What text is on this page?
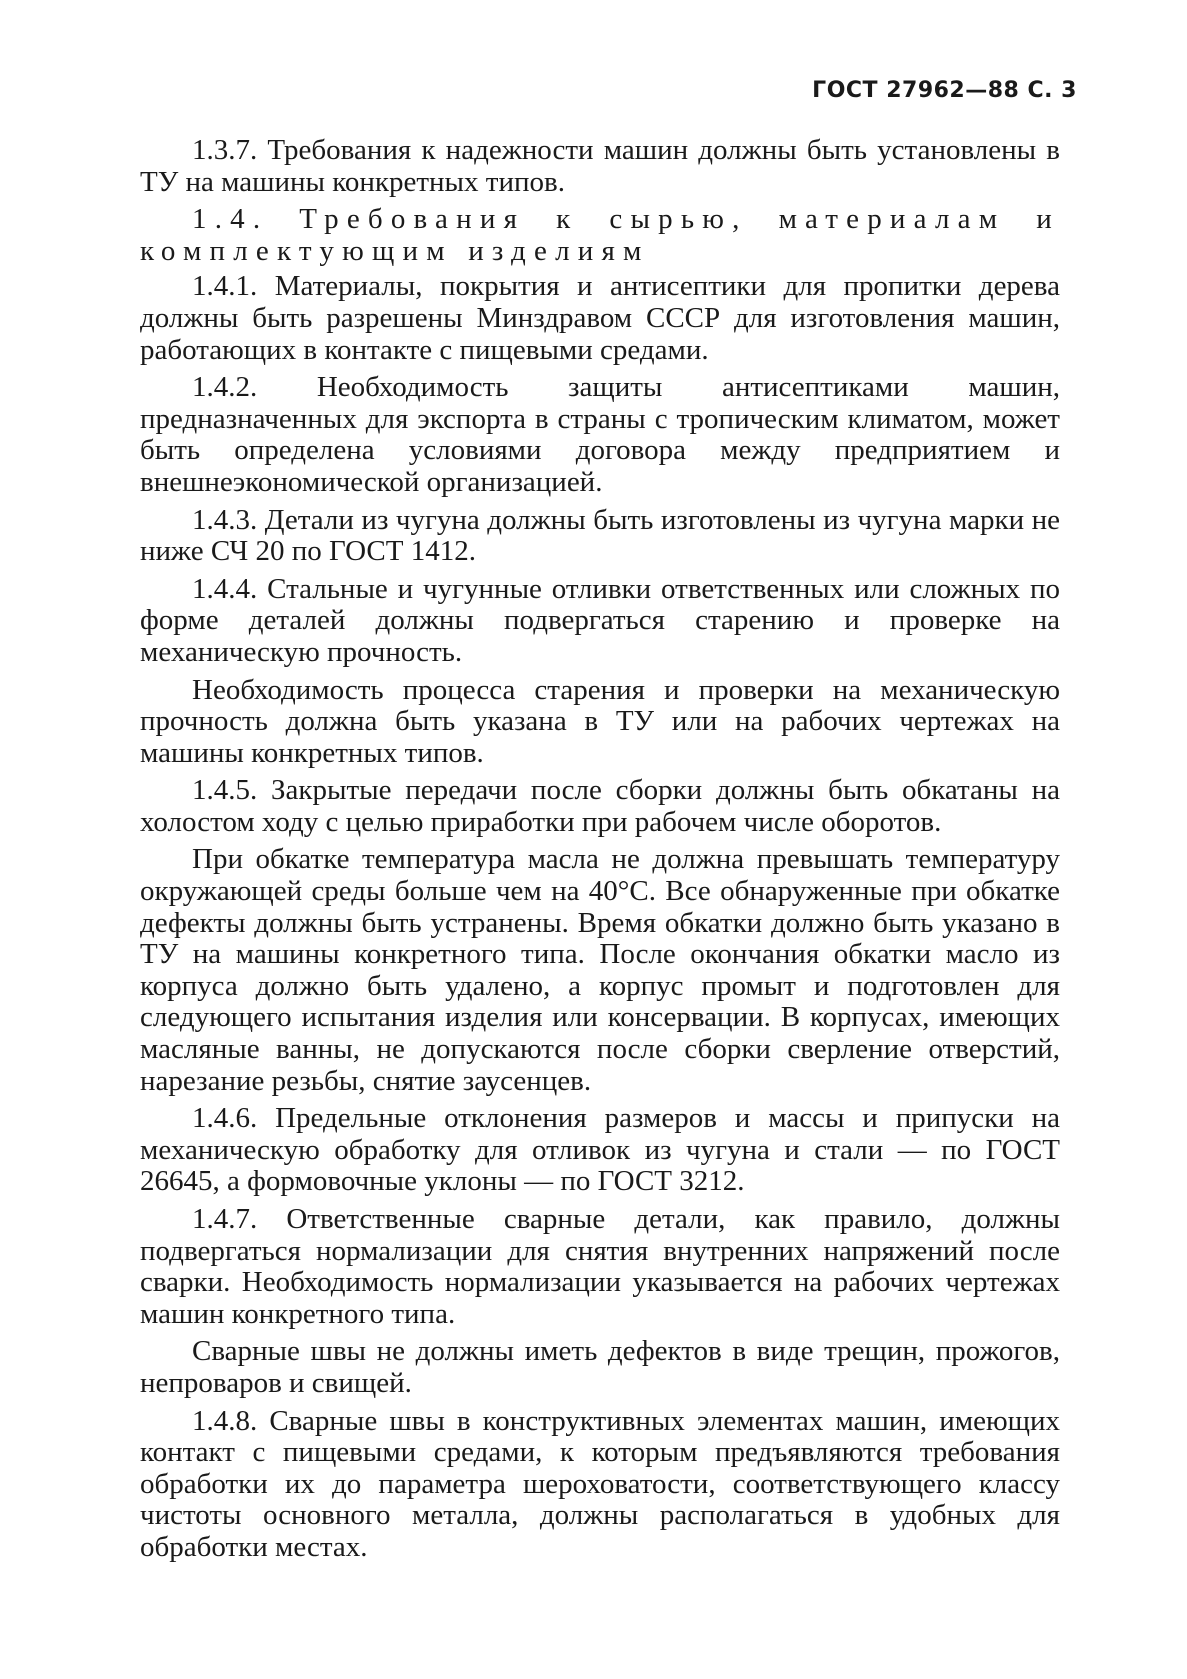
ГОСТ 27962—88 С. 3

1.3.7. Требования к надежности машин должны быть установлены в ТУ на машины конкретных типов.

1.4. Требования к сырью, материалам и комплектующим изделиям

1.4.1. Материалы, покрытия и антисептики для пропитки дерева должны быть разрешены Минздравом СССР для изготовления машин, работающих в контакте с пищевыми средами.

1.4.2. Необходимость защиты антисептиками машин, предназначенных для экспорта в страны с тропическим климатом, может быть определена условиями договора между предприятием и внешнеэкономической организацией.

1.4.3. Детали из чугуна должны быть изготовлены из чугуна марки не ниже СЧ 20 по ГОСТ 1412.

1.4.4. Стальные и чугунные отливки ответственных или сложных по форме деталей должны подвергаться старению и проверке на механическую прочность.

Необходимость процесса старения и проверки на механическую прочность должна быть указана в ТУ или на рабочих чертежах на машины конкретных типов.

1.4.5. Закрытые передачи после сборки должны быть обкатаны на холостом ходу с целью приработки при рабочем числе оборотов.

При обкатке температура масла не должна превышать температуру окружающей среды больше чем на 40°С. Все обнаруженные при обкатке дефекты должны быть устранены. Время обкатки должно быть указано в ТУ на машины конкретного типа. После окончания обкатки масло из корпуса должно быть удалено, а корпус промыт и подготовлен для следующего испытания изделия или консервации. В корпусах, имеющих масляные ванны, не допускаются после сборки сверление отверстий, нарезание резьбы, снятие заусенцев.

1.4.6. Предельные отклонения размеров и массы и припуски на механическую обработку для отливок из чугуна и стали — по ГОСТ 26645, а формовочные уклоны — по ГОСТ 3212.

1.4.7. Ответственные сварные детали, как правило, должны подвергаться нормализации для снятия внутренних напряжений после сварки. Необходимость нормализации указывается на рабочих чертежах машин конкретного типа.

Сварные швы не должны иметь дефектов в виде трещин, прожогов, непроваров и свищей.

1.4.8. Сварные швы в конструктивных элементах машин, имеющих контакт с пищевыми средами, к которым предъявляются требования обработки их до параметра шероховатости, соответствующего классу чистоты основного металла, должны располагаться в удобных для обработки местах.
